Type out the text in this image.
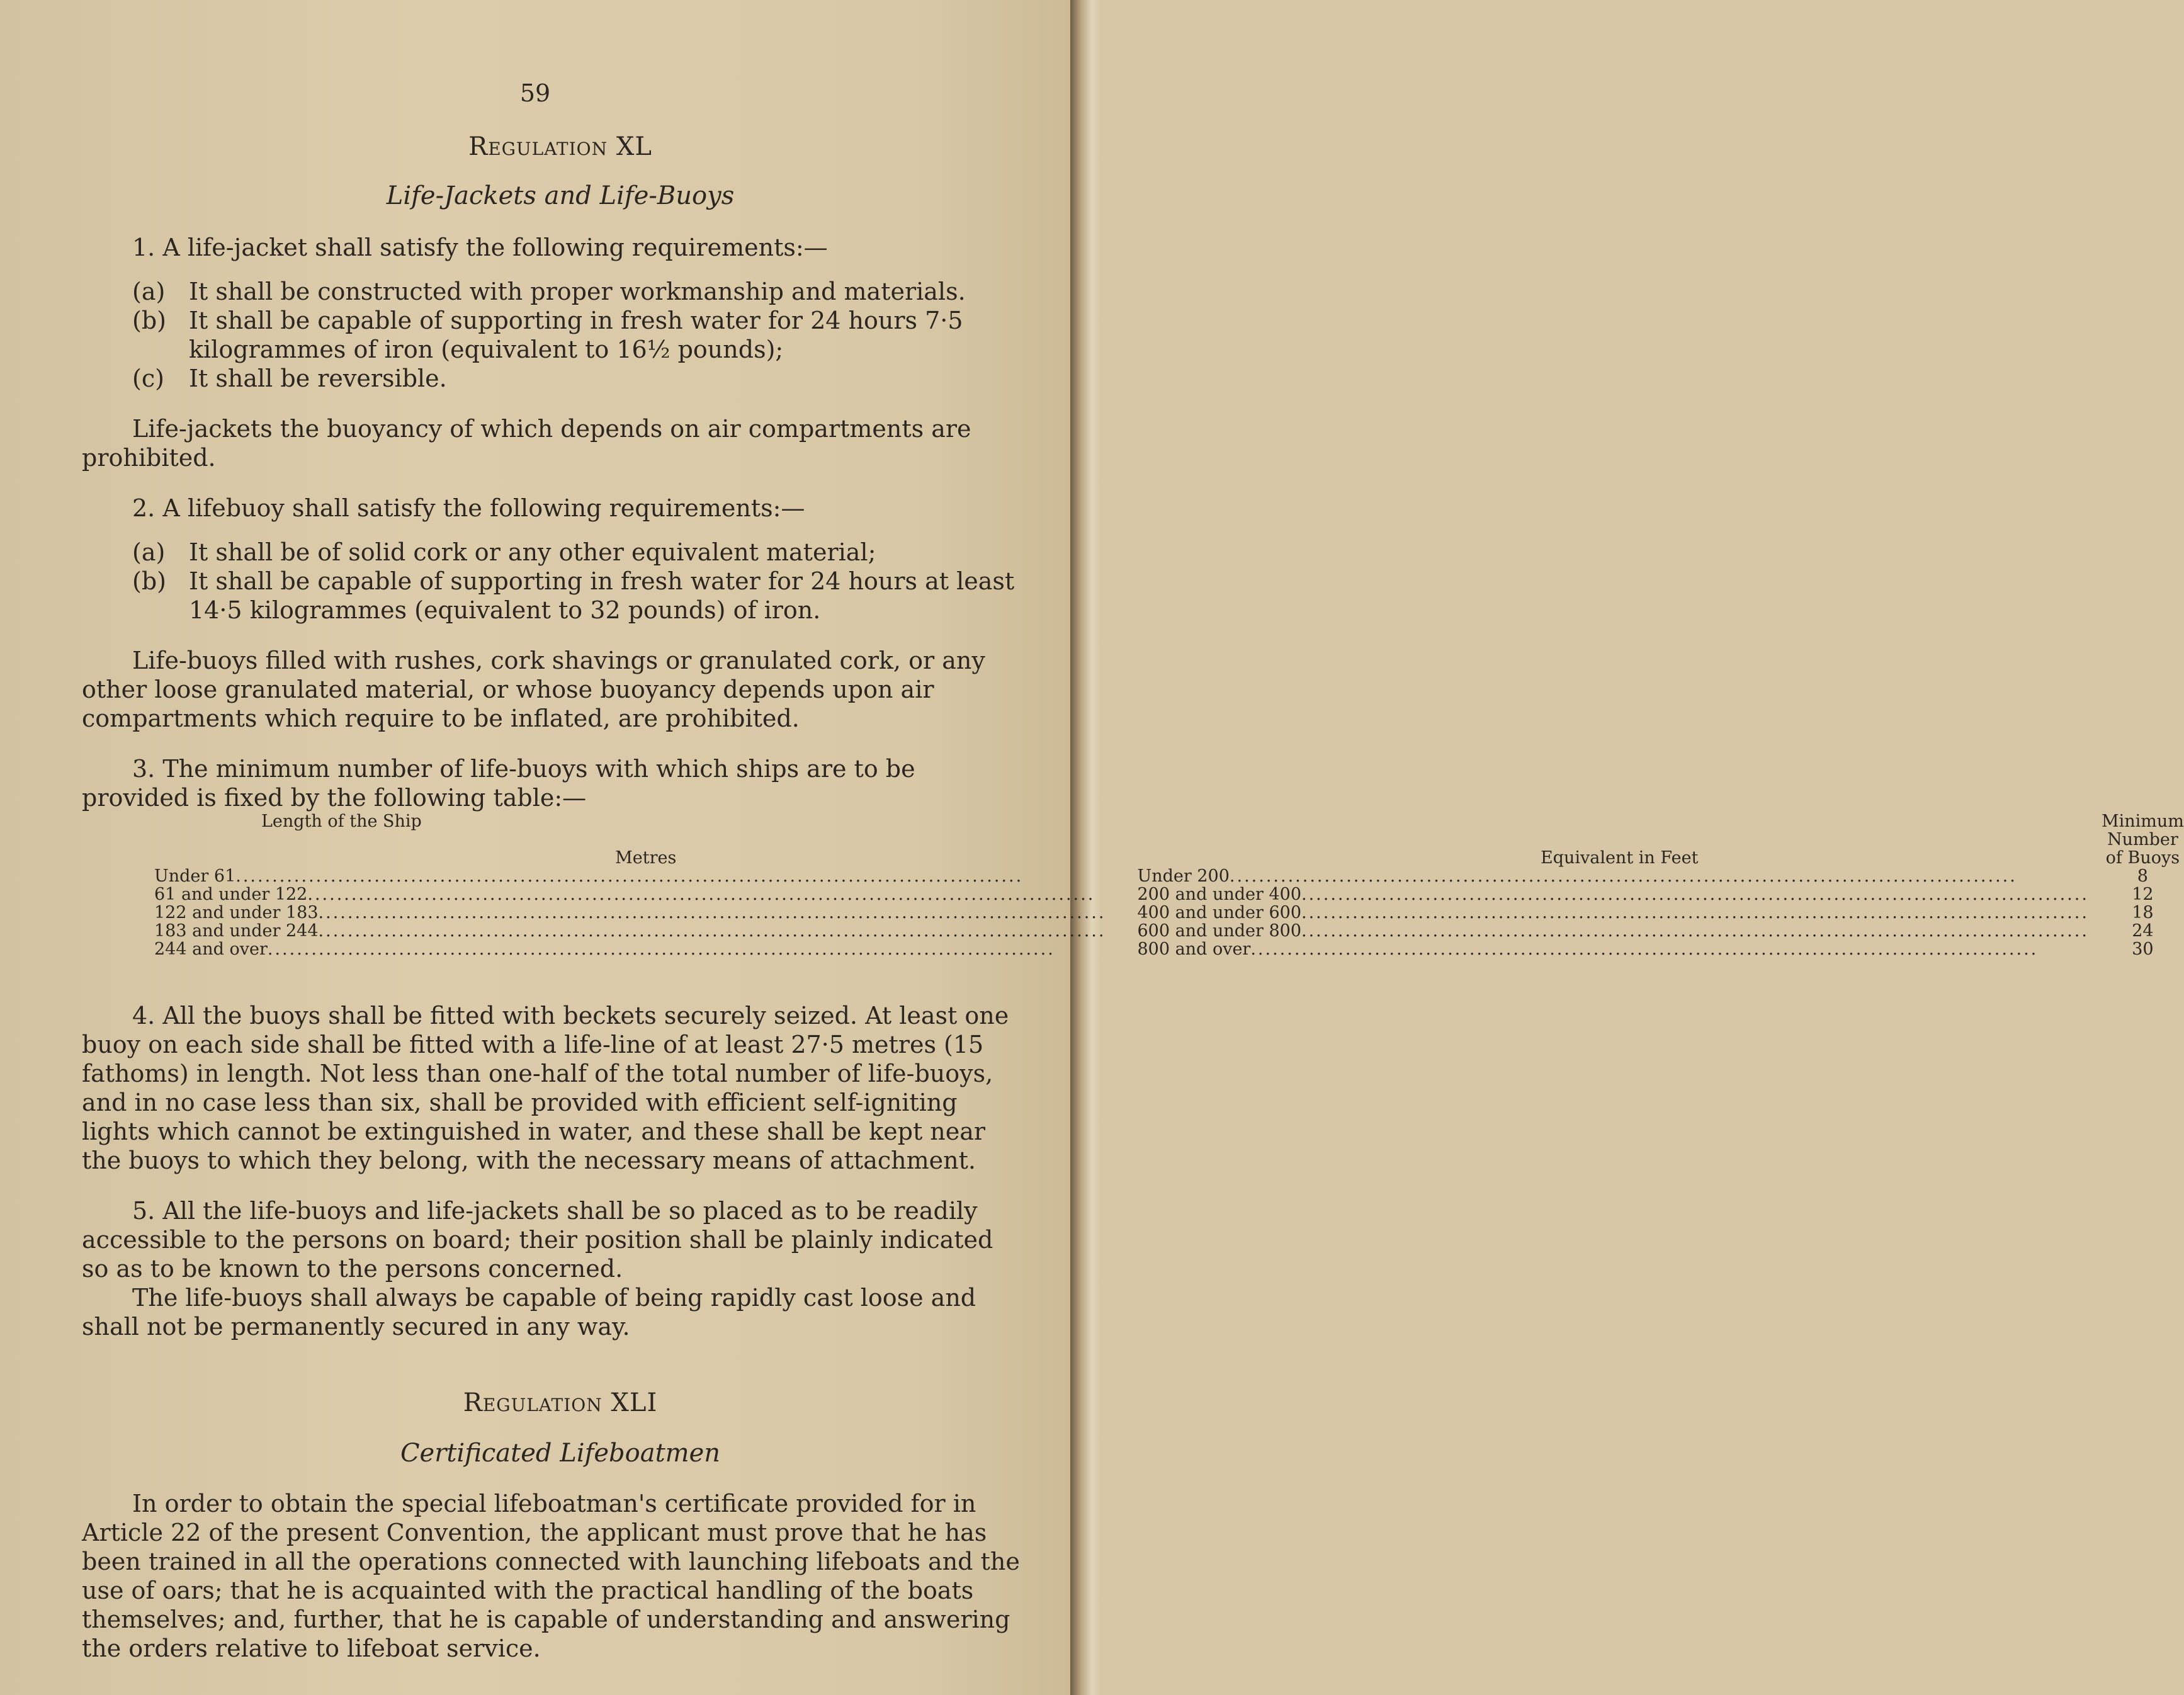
59
Regulation XL
Life-Jackets and Life-Buoys

1. A life-jacket shall satisfy the following requirements:—

(a) It shall be constructed with proper workmanship and materials.

(b) It shall be capable of supporting in fresh water for 24 hours 7·5 kilogrammes of iron (equivalent to 16½ pounds);

(c) It shall be reversible.

Life-jackets the buoyancy of which depends on air compartments are prohibited.

2. A lifebuoy shall satisfy the following requirements:—

(a) It shall be of solid cork or any other equivalent material;

(b) It shall be capable of supporting in fresh water for 24 hours at least 14·5 kilogrammes (equivalent to 32 pounds) of iron.

Life-buoys filled with rushes, cork shavings or granulated cork, or any other loose granulated material, or whose buoyancy depends upon air compartments which require to be inflated, are prohibited.

3. The minimum number of life-buoys with which ships are to be provided is fixed by the following table:—

Length of the Ship		Minimum
		Number
Metres	Equivalent in Feet	of Buoys

Under 61 ............................................................................................................	Under 200 ............................................................................................................	8

61 and under 122 ............................................................................................................	200 and under 400 ............................................................................................................	12

122 and under 183 ............................................................................................................	400 and under 600 ............................................................................................................	18

183 and under 244 ............................................................................................................	600 and under 800 ............................................................................................................	24

244 and over ............................................................................................................	800 and over ............................................................................................................	30

4. All the buoys shall be fitted with beckets securely seized. At least one buoy on each side shall be fitted with a life-line of at least 27·5 metres (15 fathoms) in length. Not less than one-half of the total number of life-buoys, and in no case less than six, shall be provided with efficient self-igniting lights which cannot be extinguished in water, and these shall be kept near the buoys to which they belong, with the necessary means of attachment.

5. All the life-buoys and life-jackets shall be so placed as to be readily accessible to the persons on board; their position shall be plainly indicated so as to be known to the persons concerned.

The life-buoys shall always be capable of being rapidly cast loose and shall not be permanently secured in any way.

Regulation XLI
Certificated Lifeboatmen

In order to obtain the special lifeboatman's certificate provided for in Article 22 of the present Convention, the applicant must prove that he has been trained in all the operations connected with launching lifeboats and the use of oars; that he is acquainted with the practical handling of the boats themselves; and, further, that he is capable of understanding and answering the orders relative to lifeboat service.
